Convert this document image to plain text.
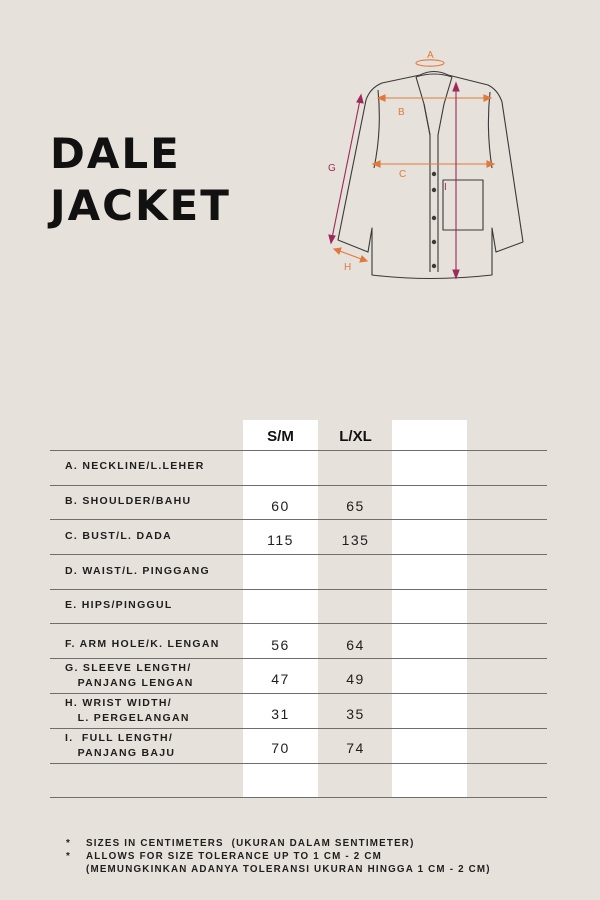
DALE
JACKET
A
B
C
G
H
I
S/M	L/XL
A. NECKLINE/L.LEHER
B. SHOULDER/BAHU	60	65
C. BUST/L. DADA	115	135
D. WAIST/L. PINGGANG
E. HIPS/PINGGUL
F. ARM HOLE/K. LENGAN	56	64
G. SLEEVE LENGTH/
PANJANG LENGAN	47	49
H. WRIST WIDTH/
L. PERGELANGAN	31	35
I.  FULL LENGTH/
PANJANG BAJU	70	74
*	SIZES IN CENTIMETERS  (UKURAN DALAM SENTIMETER)
*	ALLOWS FOR SIZE TOLERANCE UP TO 1 CM - 2 CM
(MEMUNGKINKAN ADANYA TOLERANSI UKURAN HINGGA 1 CM - 2 CM)
